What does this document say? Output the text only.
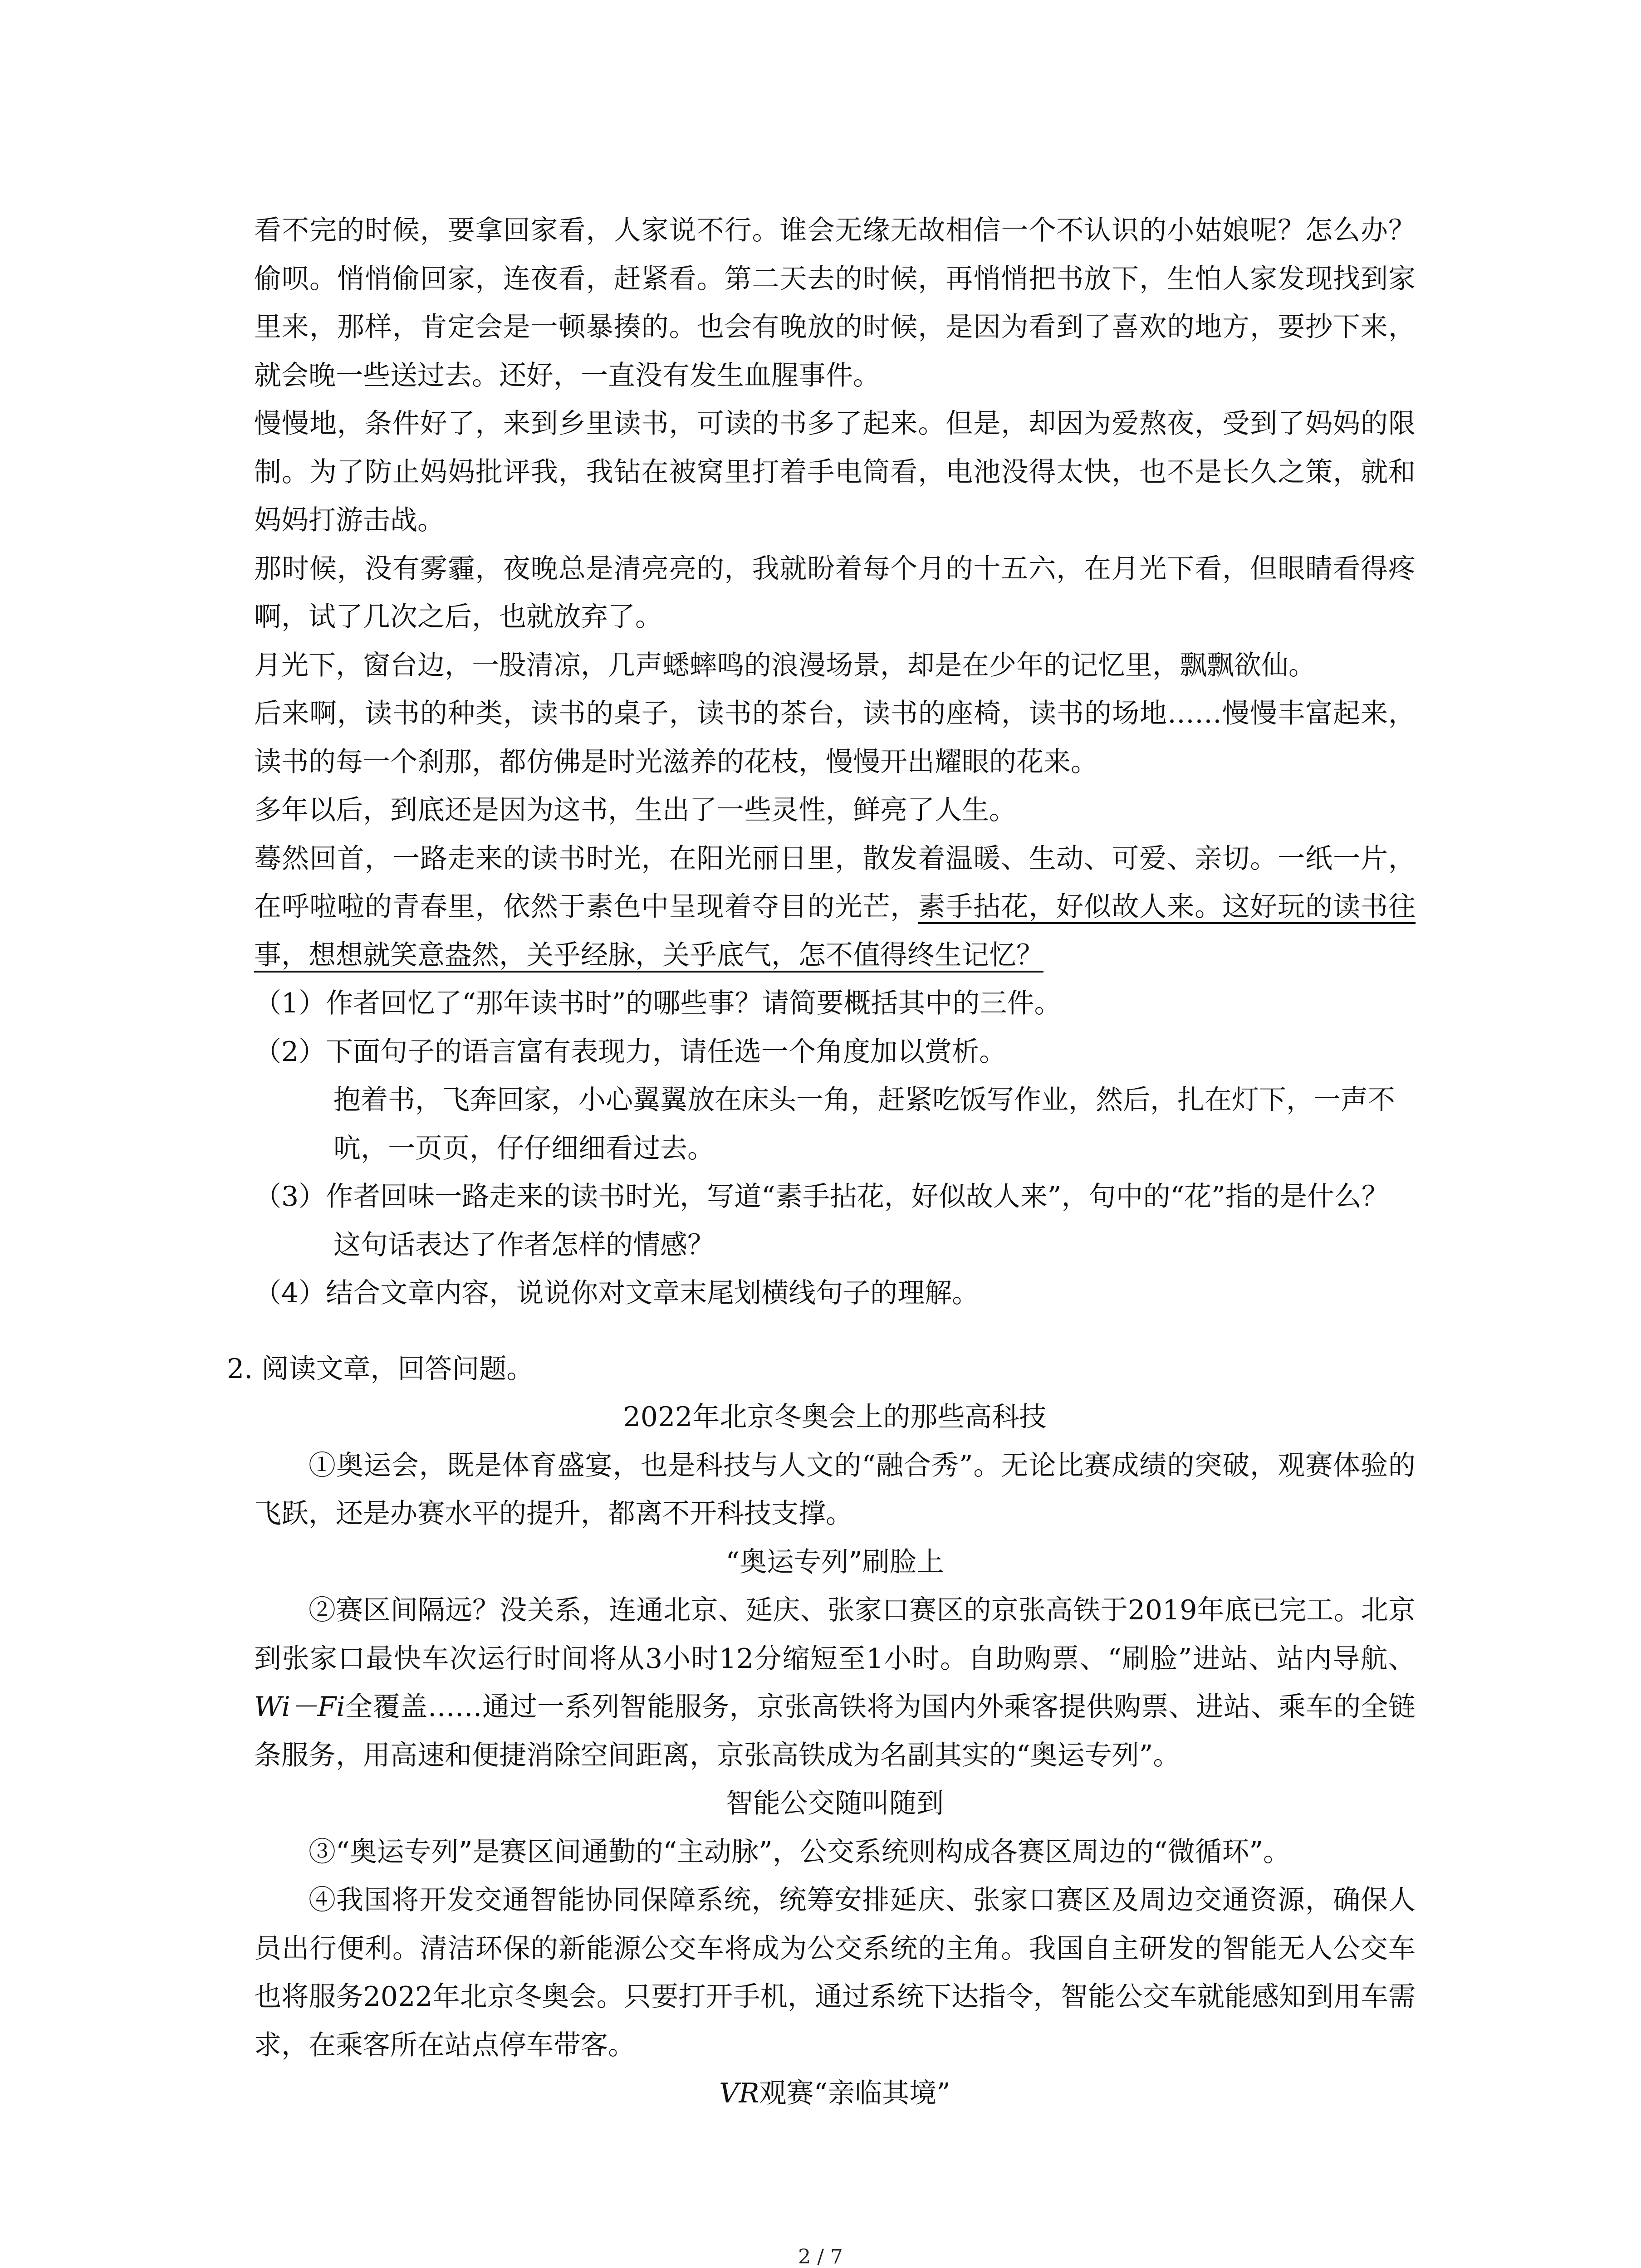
看不完的时候，要拿回家看，人家说不行。谁会无缘无故相信一个不认识的小姑娘呢？怎么办？偷呗。悄悄偷回家，连夜看，赶紧看。第二天去的时候，再悄悄把书放下，生怕人家发现找到家里来，那样，肯定会是一顿暴揍的。也会有晚放的时候，是因为看到了喜欢的地方，要抄下来，就会晚一些送过去。还好，一直没有发生血腥事件。

慢慢地，条件好了，来到乡里读书，可读的书多了起来。但是，却因为爱熬夜，受到了妈妈的限制。为了防止妈妈批评我，我钻在被窝里打着手电筒看，电池没得太快，也不是长久之策，就和妈妈打游击战。

那时候，没有雾霾，夜晚总是清亮亮的，我就盼着每个月的十五六，在月光下看，但眼睛看得疼啊，试了几次之后，也就放弃了。

月光下，窗台边，一股清凉，几声蟋蟀鸣的浪漫场景，却是在少年的记忆里，飘飘欲仙。

后来啊，读书的种类，读书的桌子，读书的茶台，读书的座椅，读书的场地……慢慢丰富起来，读书的每一个刹那，都仿佛是时光滋养的花枝，慢慢开出耀眼的花来。

多年以后，到底还是因为这书，生出了一些灵性，鲜亮了人生。

蓦然回首，一路走来的读书时光，在阳光丽日里，散发着温暖、生动、可爱、亲切。一纸一片，在呼啦啦的青春里，依然于素色中呈现着夺目的光芒，素手拈花，好似故人来。这好玩的读书往事，想想就笑意盎然，关乎经脉，关乎底气，怎不值得终生记忆？

（1）作者回忆了“那年读书时”的哪些事？请简要概括其中的三件。

（2）下面句子的语言富有表现力，请任选一个角度加以赏析。

抱着书，飞奔回家，小心翼翼放在床头一角，赶紧吃饭写作业，然后，扎在灯下，一声不吭，一页页，仔仔细细看过去。

（3）作者回味一路走来的读书时光，写道“素手拈花，好似故人来”，句中的“花”指的是什么？这句话表达了作者怎样的情感？

（4）结合文章内容，说说你对文章末尾划横线句子的理解。

2. 阅读文章，回答问题。

2022年北京冬奥会上的那些高科技

①奥运会，既是体育盛宴，也是科技与人文的“融合秀”。无论比赛成绩的突破，观赛体验的飞跃，还是办赛水平的提升，都离不开科技支撑。

“奥运专列”刷脸上

②赛区间隔远？没关系，连通北京、延庆、张家口赛区的京张高铁于2019年底已完工。北京到张家口最快车次运行时间将从3小时12分缩短至1小时。自助购票、“刷脸”进站、站内导航、Wi－Fi全覆盖……通过一系列智能服务，京张高铁将为国内外乘客提供购票、进站、乘车的全链条服务，用高速和便捷消除空间距离，京张高铁成为名副其实的“奥运专列”。

智能公交随叫随到

③“奥运专列”是赛区间通勤的“主动脉”，公交系统则构成各赛区周边的“微循环”。

④我国将开发交通智能协同保障系统，统筹安排延庆、张家口赛区及周边交通资源，确保人员出行便利。清洁环保的新能源公交车将成为公交系统的主角。我国自主研发的智能无人公交车也将服务2022年北京冬奥会。只要打开手机，通过系统下达指令，智能公交车就能感知到用车需求，在乘客所在站点停车带客。

VR观赛“亲临其境”

2 / 7
